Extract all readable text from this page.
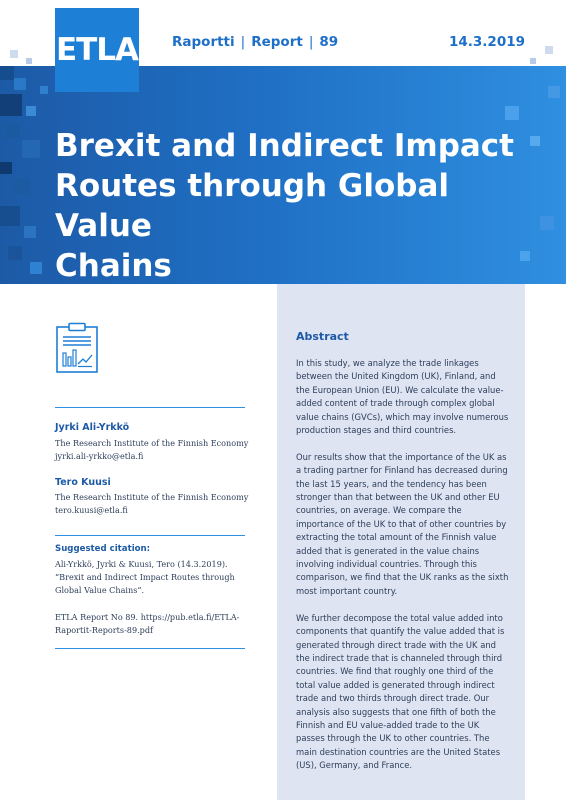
ETLA	Raportti | Report | 89	14.3.2019
Brexit and Indirect Impact
Routes through Global Value
Chains
Abstract

In this study, we analyze the trade linkages between the United Kingdom (UK), Finland, and the European Union (EU). We calculate the value-added content of trade through complex global value chains (GVCs), which may involve numerous production stages and third countries.

Our results show that the importance of the UK as a trading partner for Finland has decreased during the last 15 years, and the tendency has been stronger than that between the UK and other EU countries, on average. We compare the importance of the UK to that of other countries by extracting the total amount of the Finnish value added that is generated in the value chains involving individual countries. Through this comparison, we find that the UK ranks as the sixth most important country.

We further decompose the total value added into components that quantify the value added that is generated through direct trade with the UK and the indirect trade that is channeled through third countries. We find that roughly one third of the total value added is generated through indirect trade and two thirds through direct trade. Our analysis also suggests that one fifth of both the Finnish and EU value-added trade to the UK passes through the UK to other countries. The main destination countries are the United States (US), Germany, and France.

Jyrki Ali-Yrkkö
The Research Institute of the Finnish Economy
jyrki.ali-yrkko@etla.fi
Tero Kuusi
The Research Institute of the Finnish Economy
tero.kuusi@etla.fi
Suggested citation:
Ali-Yrkkö, Jyrki & Kuusi, Tero (14.3.2019).
“Brexit and Indirect Impact Routes through
Global Value Chains”.
ETLA Report No 89. https://pub.etla.fi/ETLA-
Raportit-Reports-89.pdf
